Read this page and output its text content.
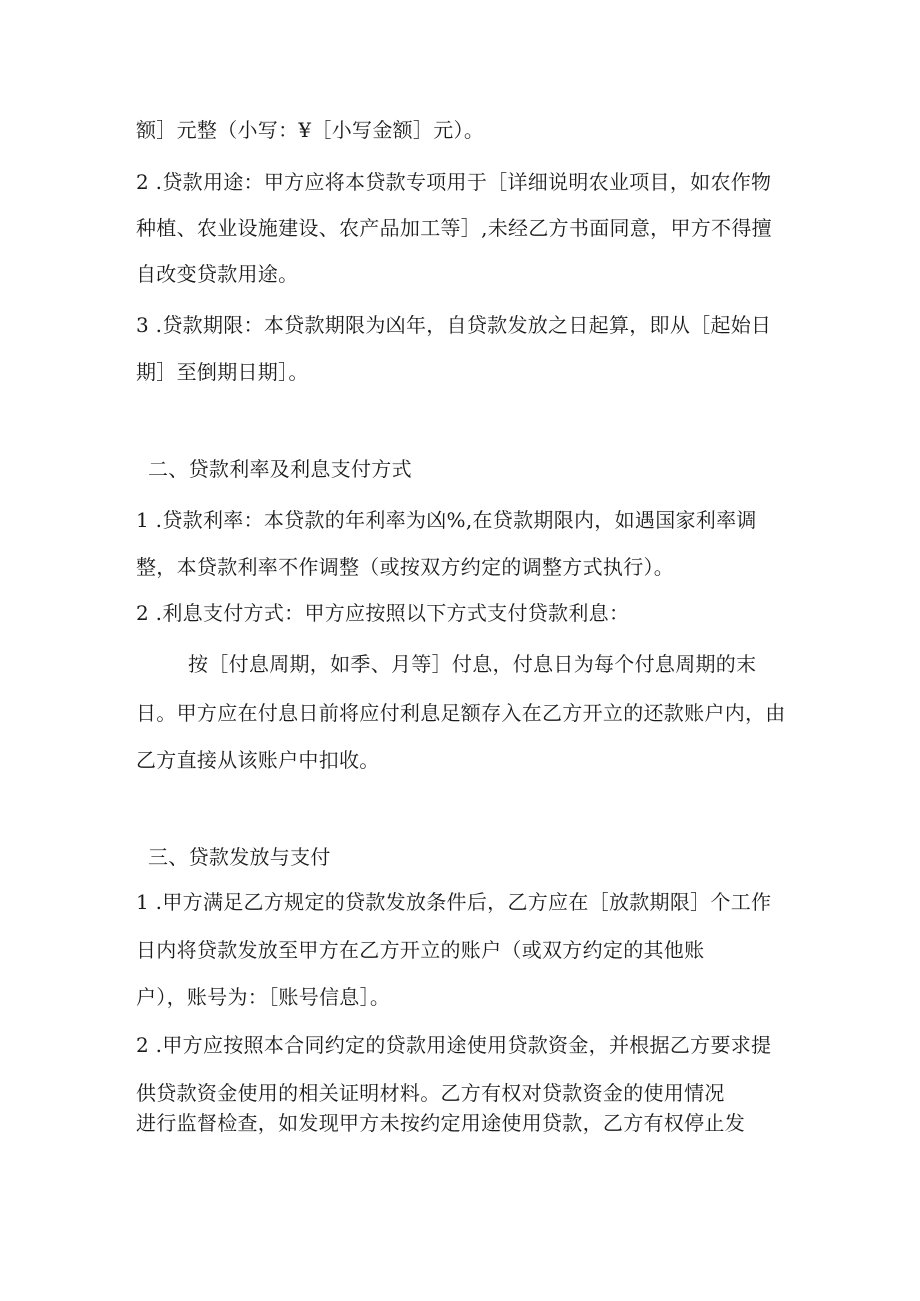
额］元整（小写：¥［小写金额］元）。
2 .贷款用途：甲方应将本贷款专项用于［详细说明农业项目，如农作物
种植、农业设施建设、农产品加工等］,未经乙方书面同意，甲方不得擅
自改变贷款用途。
3 .贷款期限：本贷款期限为凶年，自贷款发放之日起算，即从［起始日
期］至倒期日期］。
二、贷款利率及利息支付方式
1 .贷款利率：本贷款的年利率为凶%,在贷款期限内，如遇国家利率调
整，本贷款利率不作调整（或按双方约定的调整方式执行）。
2 .利息支付方式：甲方应按照以下方式支付贷款利息：
按［付息周期，如季、月等］付息，付息日为每个付息周期的末
日。甲方应在付息日前将应付利息足额存入在乙方开立的还款账户内，由
乙方直接从该账户中扣收。
三、贷款发放与支付
1 .甲方满足乙方规定的贷款发放条件后，乙方应在［放款期限］个工作
日内将贷款发放至甲方在乙方开立的账户（或双方约定的其他账
户），账号为：［账号信息］。
2 .甲方应按照本合同约定的贷款用途使用贷款资金，并根据乙方要求提
供贷款资金使用的相关证明材料。乙方有权对贷款资金的使用情况
进行监督检查，如发现甲方未按约定用途使用贷款，乙方有权停止发
